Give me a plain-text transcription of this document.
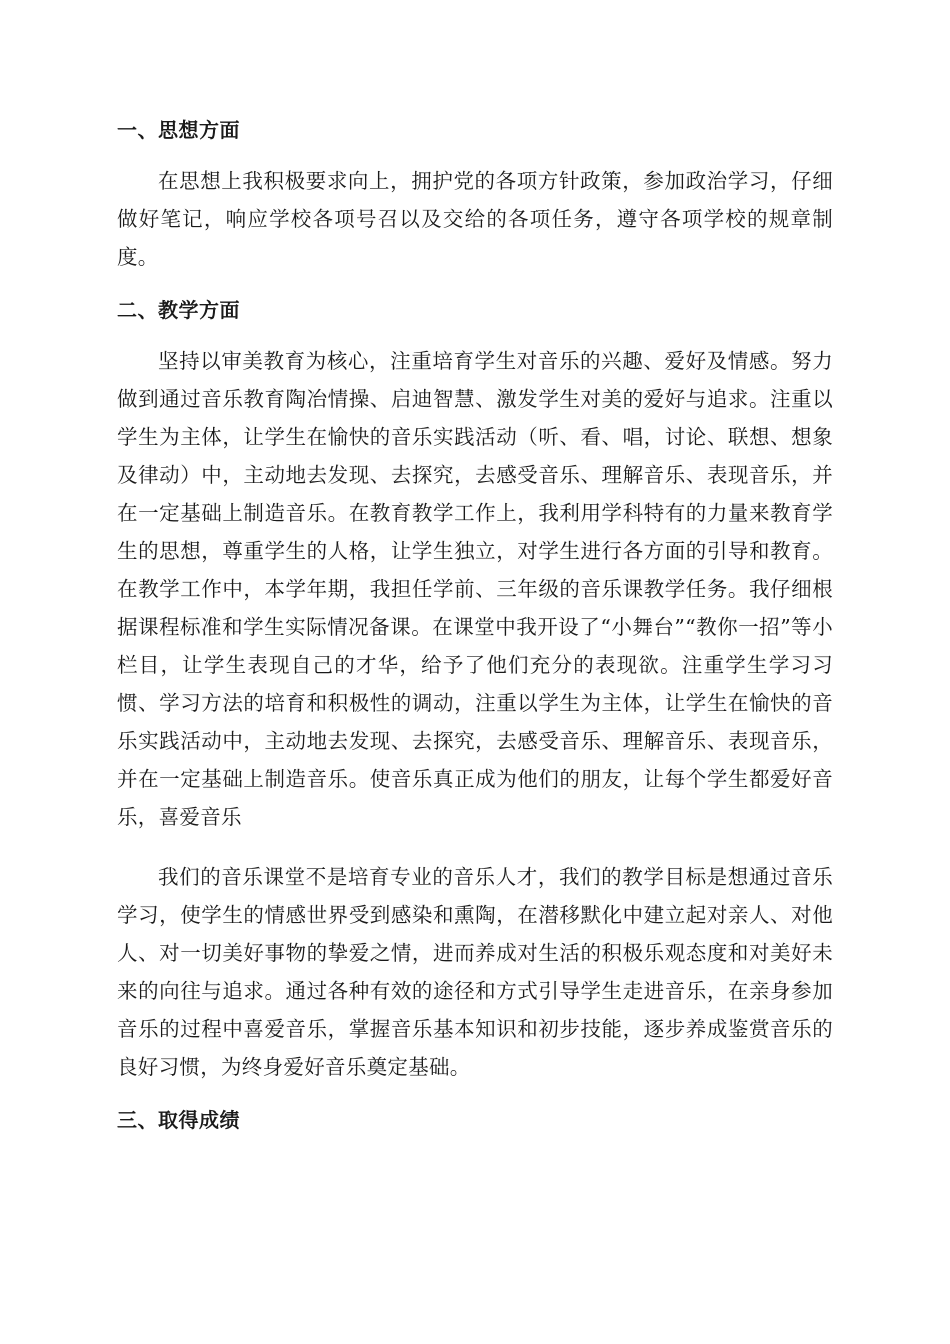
一、思想方面

在思想上我积极要求向上，拥护党的各项方针政策，参加政治学习，仔细做好笔记，响应学校各项号召以及交给的各项任务，遵守各项学校的规章制度。

二、教学方面

坚持以审美教育为核心，注重培育学生对音乐的兴趣、爱好及情感。努力做到通过音乐教育陶冶情操、启迪智慧、激发学生对美的爱好与追求。注重以学生为主体，让学生在愉快的音乐实践活动（听、看、唱，讨论、联想、想象及律动）中，主动地去发现、去探究，去感受音乐、理解音乐、表现音乐，并在一定基础上制造音乐。在教育教学工作上，我利用学科特有的力量来教育学生的思想，尊重学生的人格，让学生独立，对学生进行各方面的引导和教育。在教学工作中，本学年期，我担任学前、三年级的音乐课教学任务。我仔细根据课程标准和学生实际情况备课。在课堂中我开设了“小舞台”“教你一招”等小栏目，让学生表现自己的才华，给予了他们充分的表现欲。注重学生学习习惯、学习方法的培育和积极性的调动，注重以学生为主体，让学生在愉快的音乐实践活动中，主动地去发现、去探究，去感受音乐、理解音乐、表现音乐，并在一定基础上制造音乐。使音乐真正成为他们的朋友，让每个学生都爱好音乐，喜爱音乐

我们的音乐课堂不是培育专业的音乐人才，我们的教学目标是想通过音乐学习，使学生的情感世界受到感染和熏陶，在潜移默化中建立起对亲人、对他人、对一切美好事物的挚爱之情，进而养成对生活的积极乐观态度和对美好未来的向往与追求。通过各种有效的途径和方式引导学生走进音乐，在亲身参加音乐的过程中喜爱音乐，掌握音乐基本知识和初步技能，逐步养成鉴赏音乐的良好习惯，为终身爱好音乐奠定基础。

三、取得成绩
